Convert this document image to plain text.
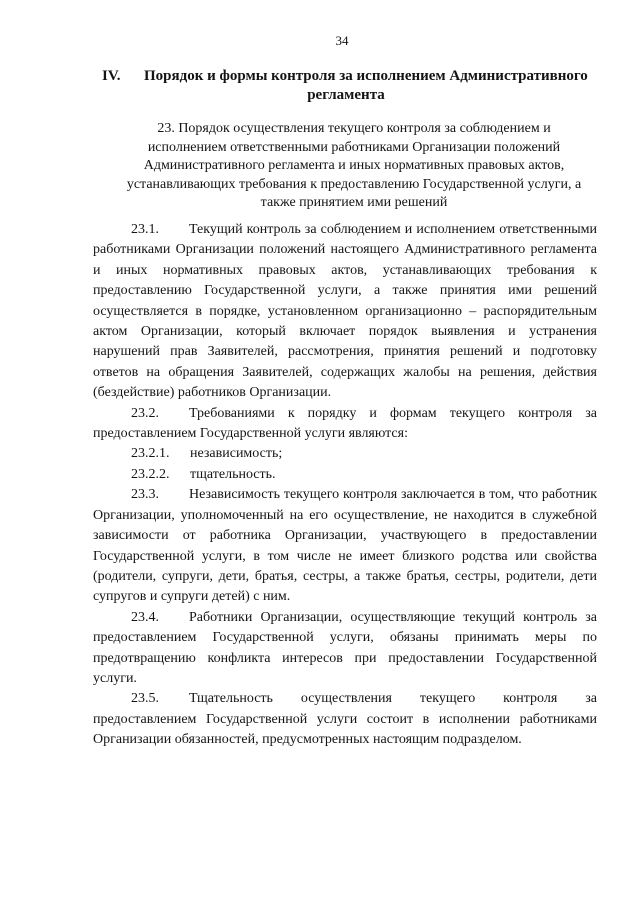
34
IV. Порядок и формы контроля за исполнением Административного
регламента
23. Порядок осуществления текущего контроля за соблюдением и исполнением ответственными работниками Организации положений Административного регламента и иных нормативных правовых актов, устанавливающих требования к предоставлению Государственной услуги, а также принятием ими решений

23.1. Текущий контроль за соблюдением и исполнением ответственными работниками Организации положений настоящего Административного регламента и иных нормативных правовых актов, устанавливающих требования к предоставлению Государственной услуги, а также принятия ими решений осуществляется в порядке, установленном организационно – распорядительным актом Организации, который включает порядок выявления и устранения нарушений прав Заявителей, рассмотрения, принятия решений и подготовку ответов на обращения Заявителей, содержащих жалобы на решения, действия (бездействие) работников Организации.

23.2. Требованиями к порядку и формам текущего контроля за предоставлением Государственной услуги являются:

23.2.1. независимость;

23.2.2. тщательность.

23.3. Независимость текущего контроля заключается в том, что работник Организации, уполномоченный на его осуществление, не находится в служебной зависимости от работника Организации, участвующего в предоставлении Государственной услуги, в том числе не имеет близкого родства или свойства (родители, супруги, дети, братья, сестры, а также братья, сестры, родители, дети супругов и супруги детей) с ним.

23.4. Работники Организации, осуществляющие текущий контроль за предоставлением Государственной услуги, обязаны принимать меры по предотвращению конфликта интересов при предоставлении Государственной услуги.

23.5. Тщательность осуществления текущего контроля за предоставлением Государственной услуги состоит в исполнении работниками Организации обязанностей, предусмотренных настоящим подразделом.
